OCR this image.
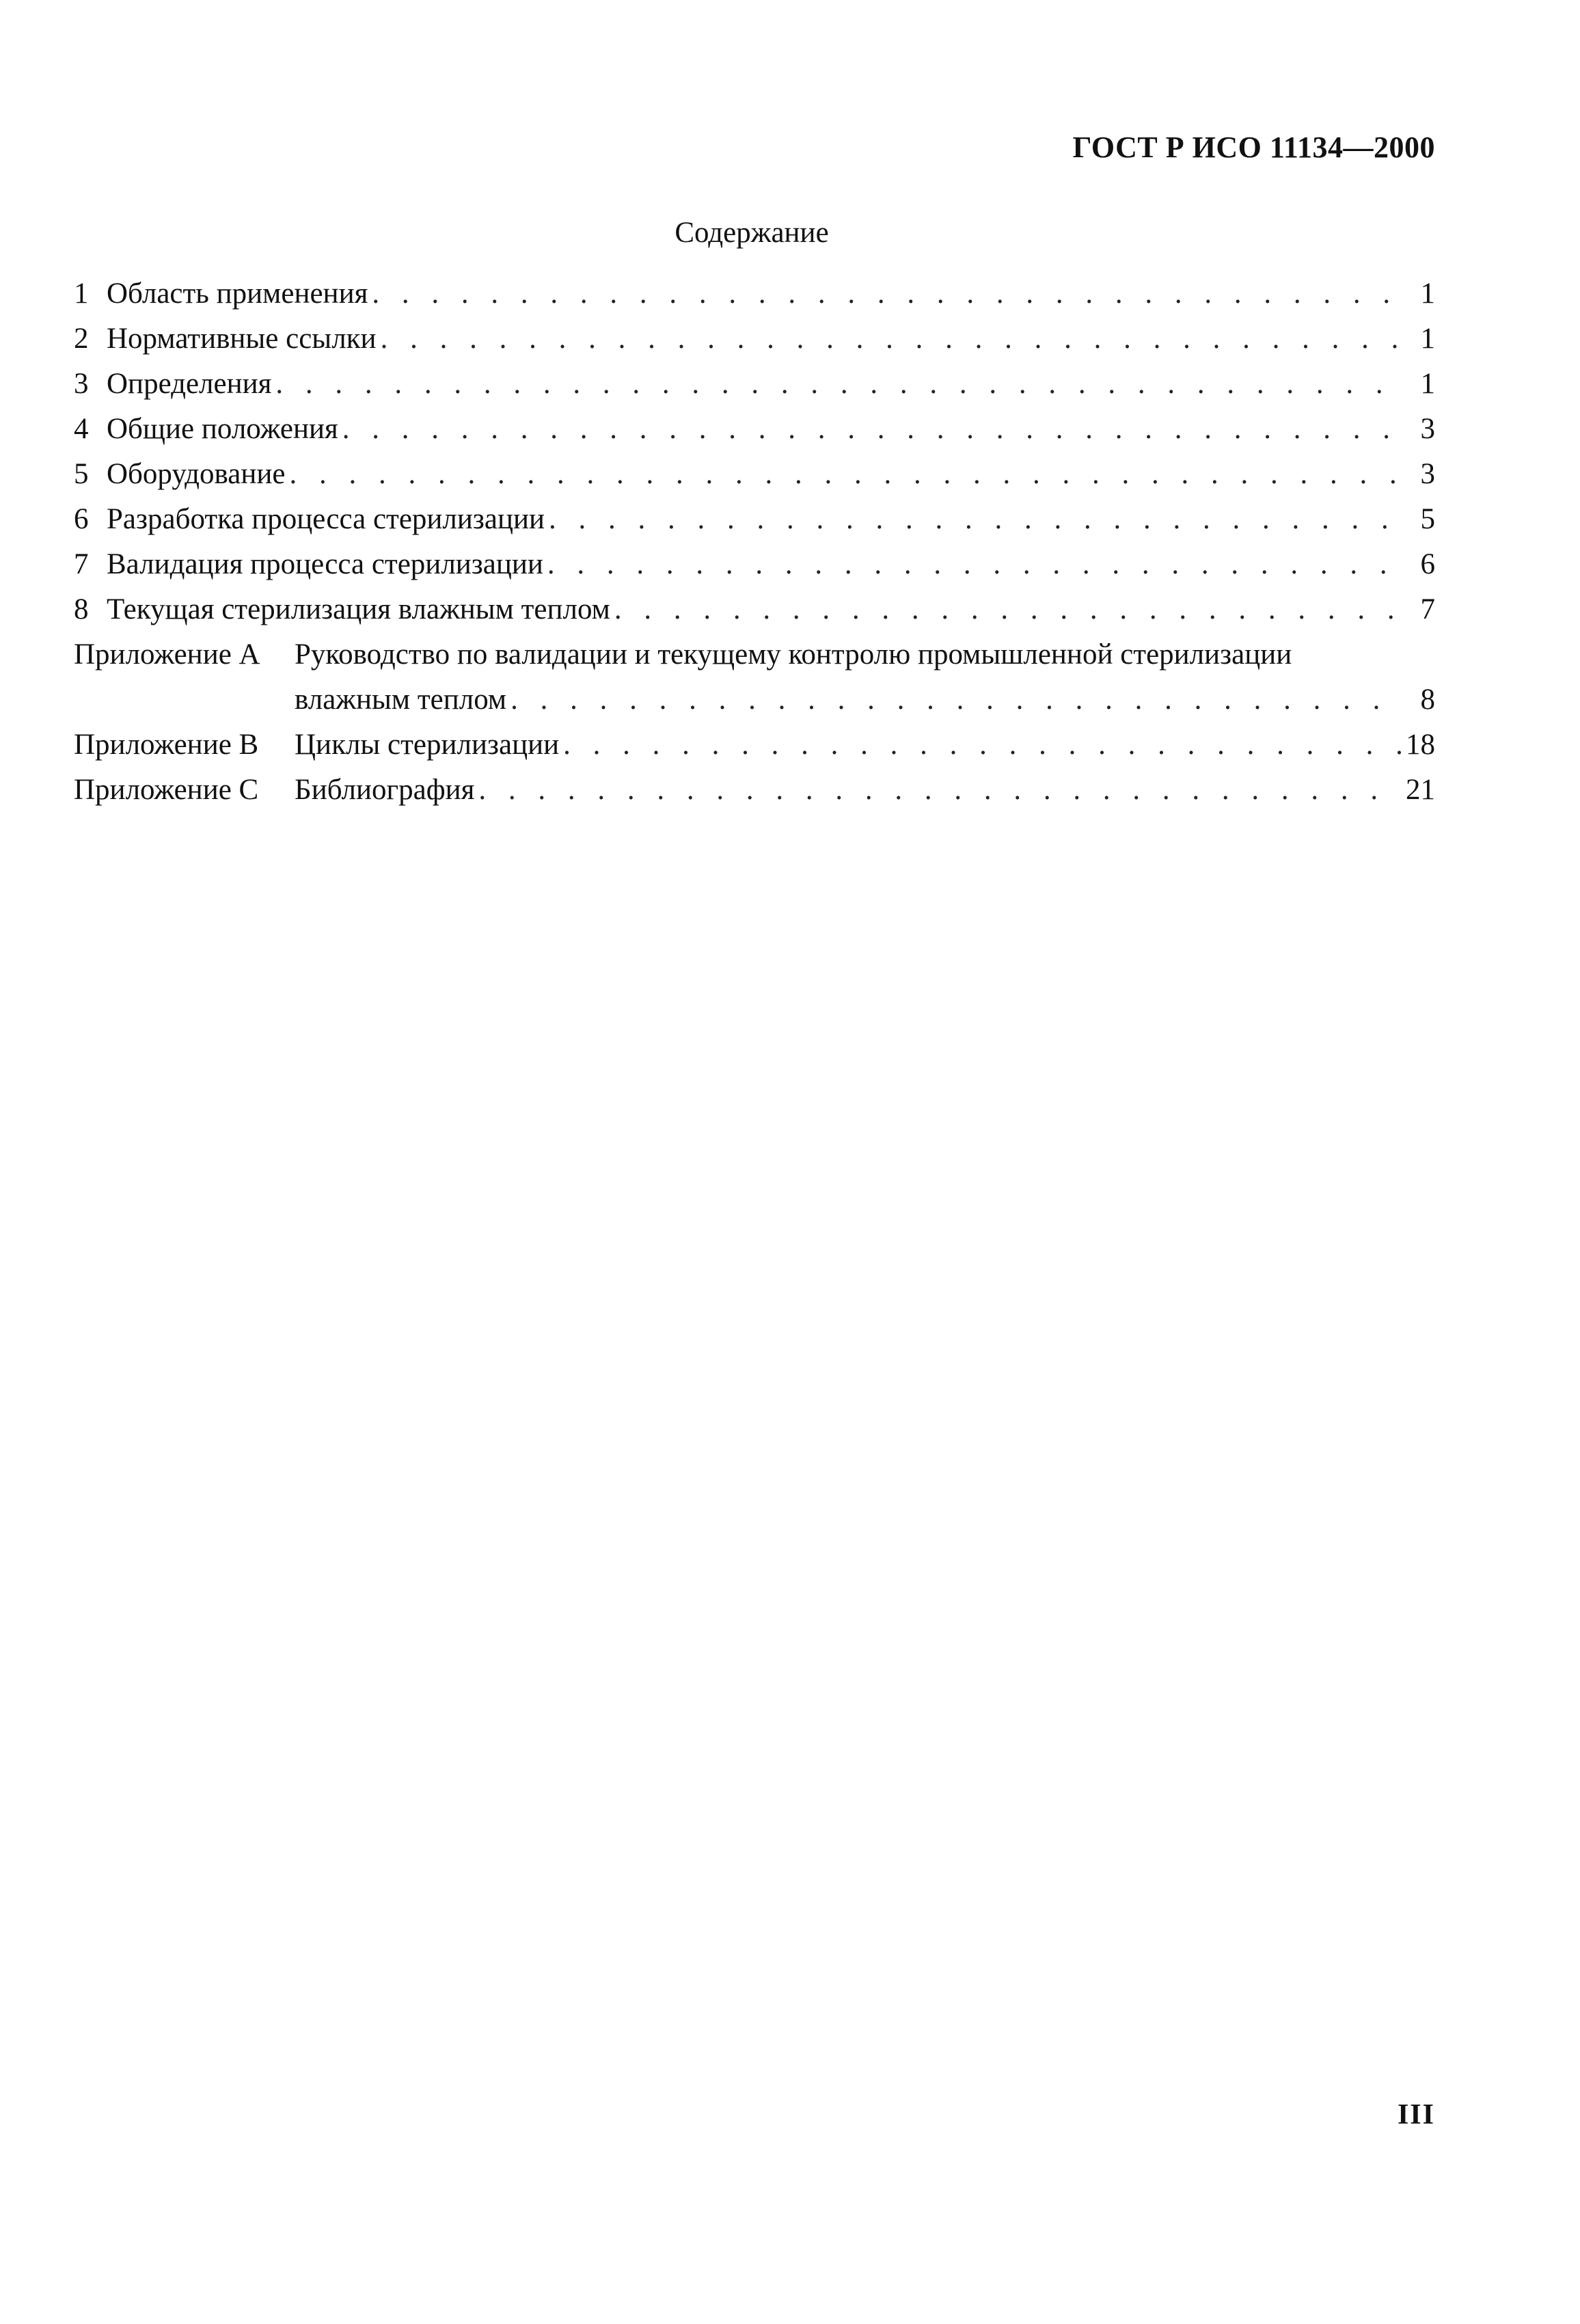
ГОСТ Р ИСО 11134—2000
Содержание
1 Область применения . . .	1
2 Нормативные ссылки . . .	1
3 Определения . . .	1
4 Общие положения . . .	3
5 Оборудование . . .	3
6 Разработка процесса стерилизации . . .	5
7 Валидация процесса стерилизации . . .	6
8 Текущая стерилизация влажным теплом . . .	7
Приложение А	Руководство по валидации и текущему контролю промышленной стерилизации
влажным теплом . . .	8
Приложение В	Циклы стерилизации . . .	18
Приложение С	Библиография . . .	21
III
